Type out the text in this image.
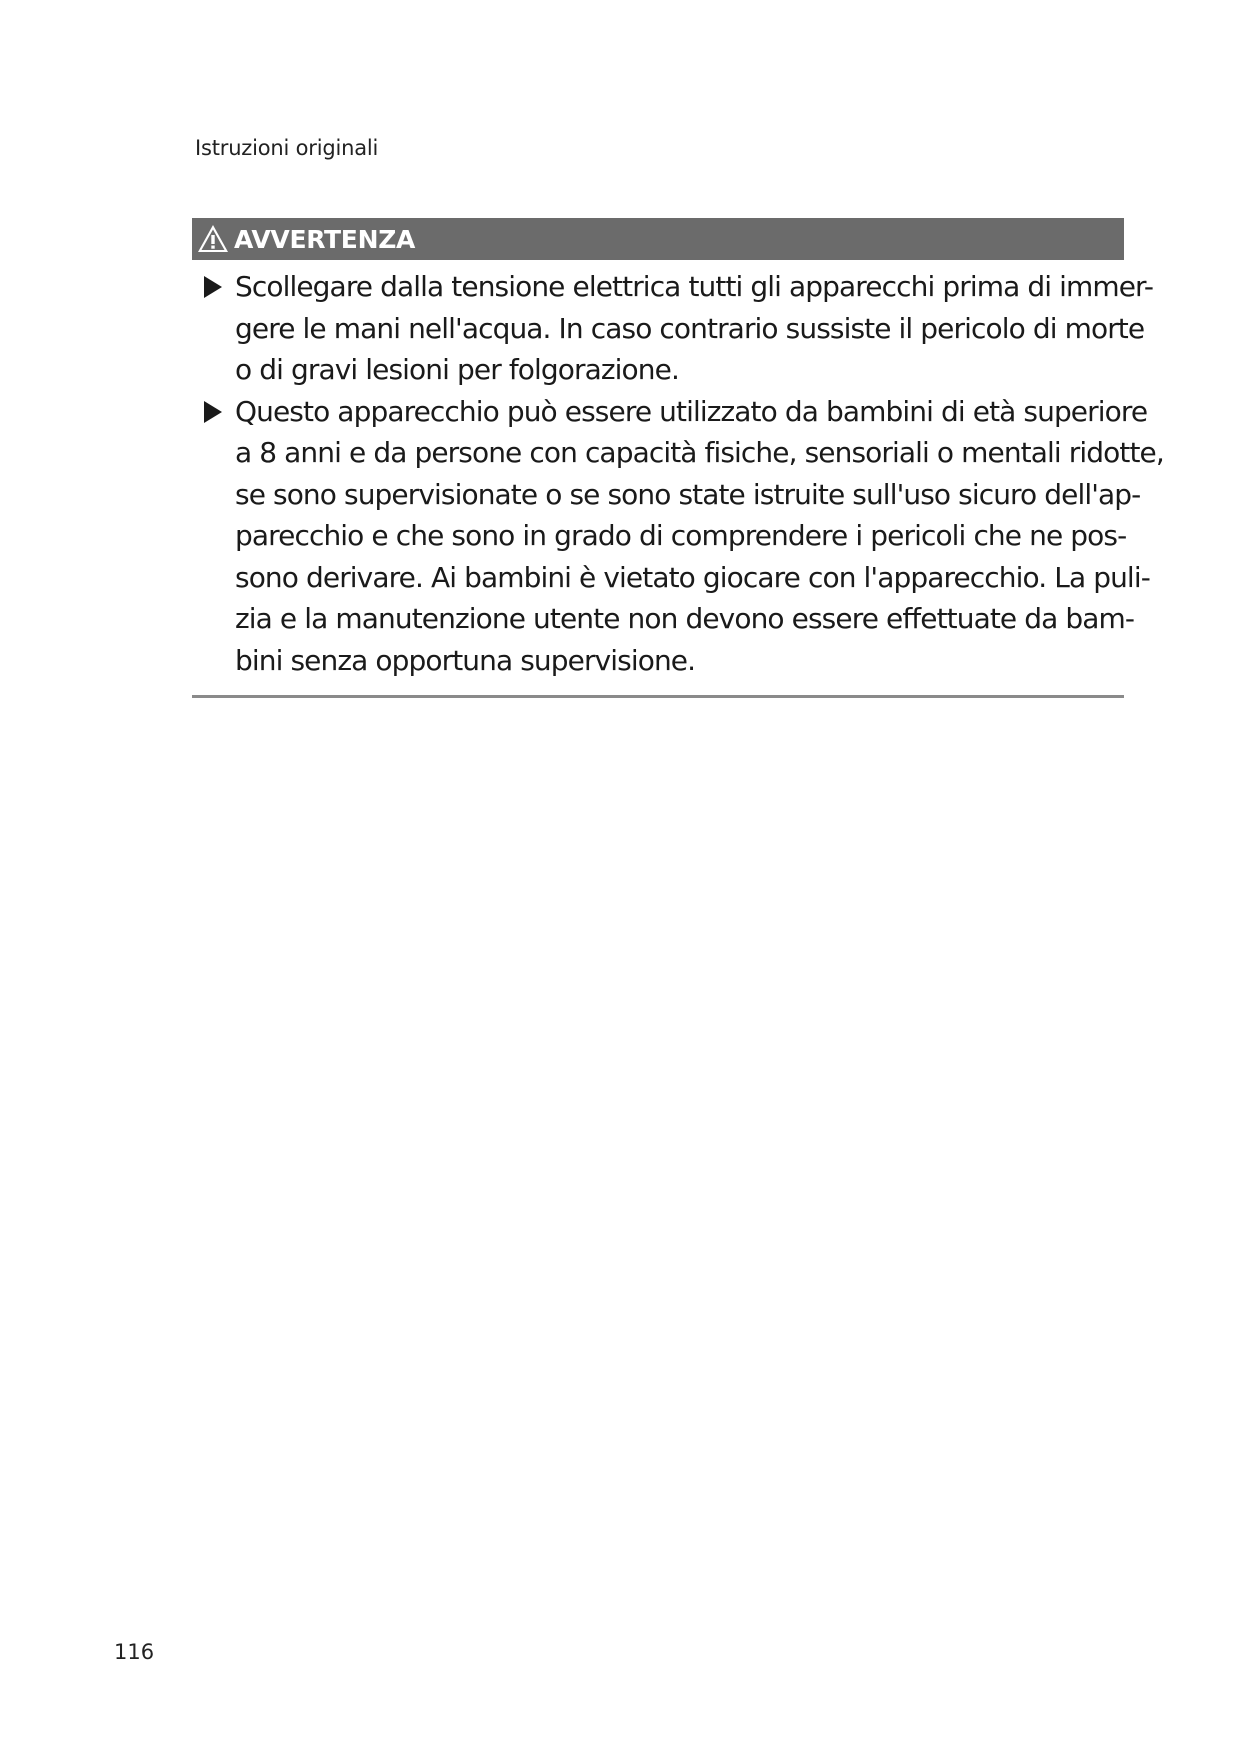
Istruzioni originali
AVVERTENZA
Scollegare dalla tensione elettrica tutti gli apparecchi prima di immer-
gere le mani nell'acqua. In caso contrario sussiste il pericolo di morte
o di gravi lesioni per folgorazione.
Questo apparecchio può essere utilizzato da bambini di età superiore
a 8 anni e da persone con capacità fisiche, sensoriali o mentali ridotte,
se sono supervisionate o se sono state istruite sull'uso sicuro dell'ap-
parecchio e che sono in grado di comprendere i pericoli che ne pos-
sono derivare. Ai bambini è vietato giocare con l'apparecchio. La puli-
zia e la manutenzione utente non devono essere effettuate da bam-
bini senza opportuna supervisione.
116
